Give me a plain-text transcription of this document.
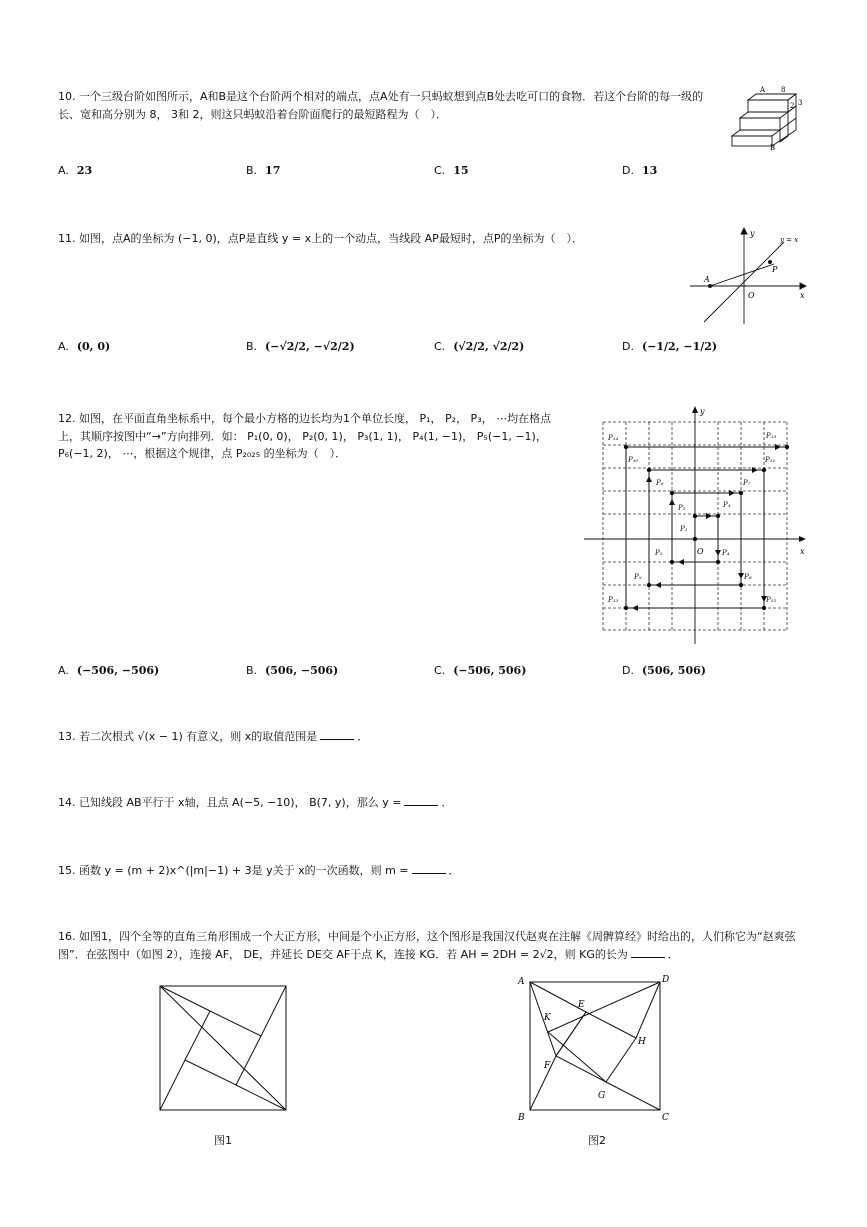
10. 一个三级台阶如图所示，A和B是这个台阶两个相对的端点，点A处有一只蚂蚁想到点B处去吃可口的食物．若这个台阶的每一级的长、宽和高分别为 8， 3和 2，则这只蚂蚁沿着台阶面爬行的最短路程为（　）．
A 8
2 3
B
A. 23	B. 17	C. 15	D. 13
11. 如图，点A的坐标为 (−1, 0)，点P是直线 y = x上的一个动点，当线段 AP最短时，点P的坐标为（　）．	y
y = x
A
P
O	x
A. (0, 0)	B. (−√2/2, −√2/2)	C. (√2/2, √2/2)	D. (−1/2, −1/2)
12. 如图，在平面直角坐标系中，每个最小方格的边长均为1个单位长度， P₁， P₂， P₃， ⋯均在格点上，其顺序按图中“→”方向排列．如： P₁(0, 0)， P₂(0, 1)， P₃(1, 1)， P₄(1, −1)， P₅(−1, −1)， P₆(−1, 2)， ⋯，根据这个规律，点 P₂₀₂₅ 的坐标为（　）．
y
x
O
P₁
P₂	P₃
P₄
P₅
P₆	P₇
P₈
P₉
P₁₀	P₁₁
P₁₂
P₁₃
P₁₄	P₁₅
A. (−506, −506)	B. (506, −506)	C. (−506, 506)	D. (506, 506)
13. 若二次根式 √(x − 1) 有意义，则 x的取值范围是	．
14. 已知线段 AB平行于 x轴，且点 A(−5, −10)， B(7, y)，那么 y =	．
15. 函数 y = (m + 2)x^(|m|−1) + 3是 y关于 x的一次函数，则 m =	．
16. 如图1，四个全等的直角三角形围成一个大正方形，中间是个小正方形，这个图形是我国汉代赵爽在注解《周髀算经》时给出的，人们称它为“赵爽弦图”．在弦图中（如图 2），连接 AF， DE，并延长 DE交 AF于点 K，连接 KG．若 AH = 2DH = 2√2，则 KG的长为	．
图1
A	D
B	C
E
K
H
F
G
图2
